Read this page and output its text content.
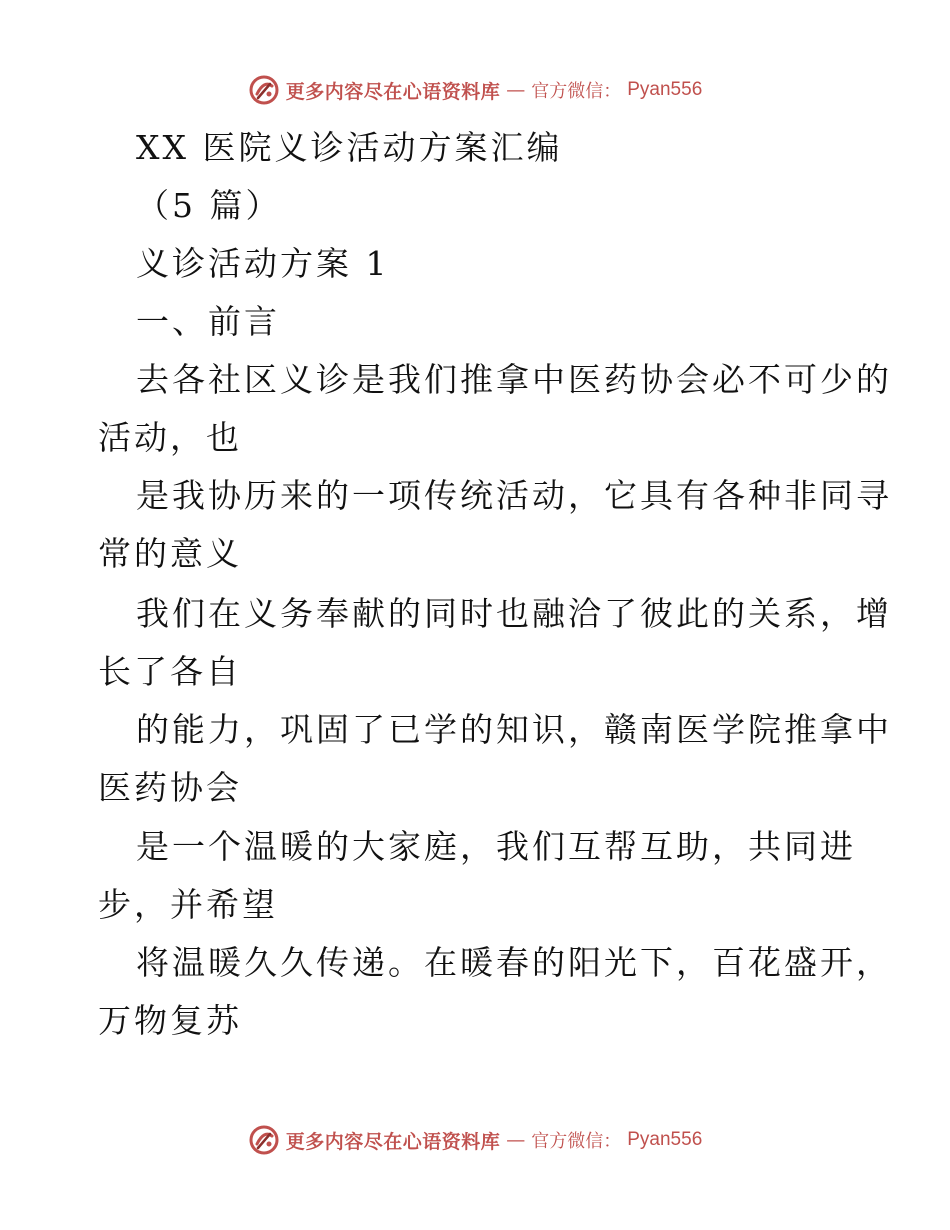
更多内容尽在心语资料库 — 官方微信： Pyan556
XX 医院义诊活动方案汇编
（5 篇）
义诊活动方案 1
一、前言
去各社区义诊是我们推拿中医药协会必不可少的
活动，也
是我协历来的一项传统活动，它具有各种非同寻
常的意义
我们在义务奉献的同时也融洽了彼此的关系，增
长了各自
的能力，巩固了已学的知识，赣南医学院推拿中
医药协会
是一个温暖的大家庭，我们互帮互助，共同进
步，并希望
将温暖久久传递。在暖春的阳光下，百花盛开，
万物复苏
更多内容尽在心语资料库 — 官方微信： Pyan556
